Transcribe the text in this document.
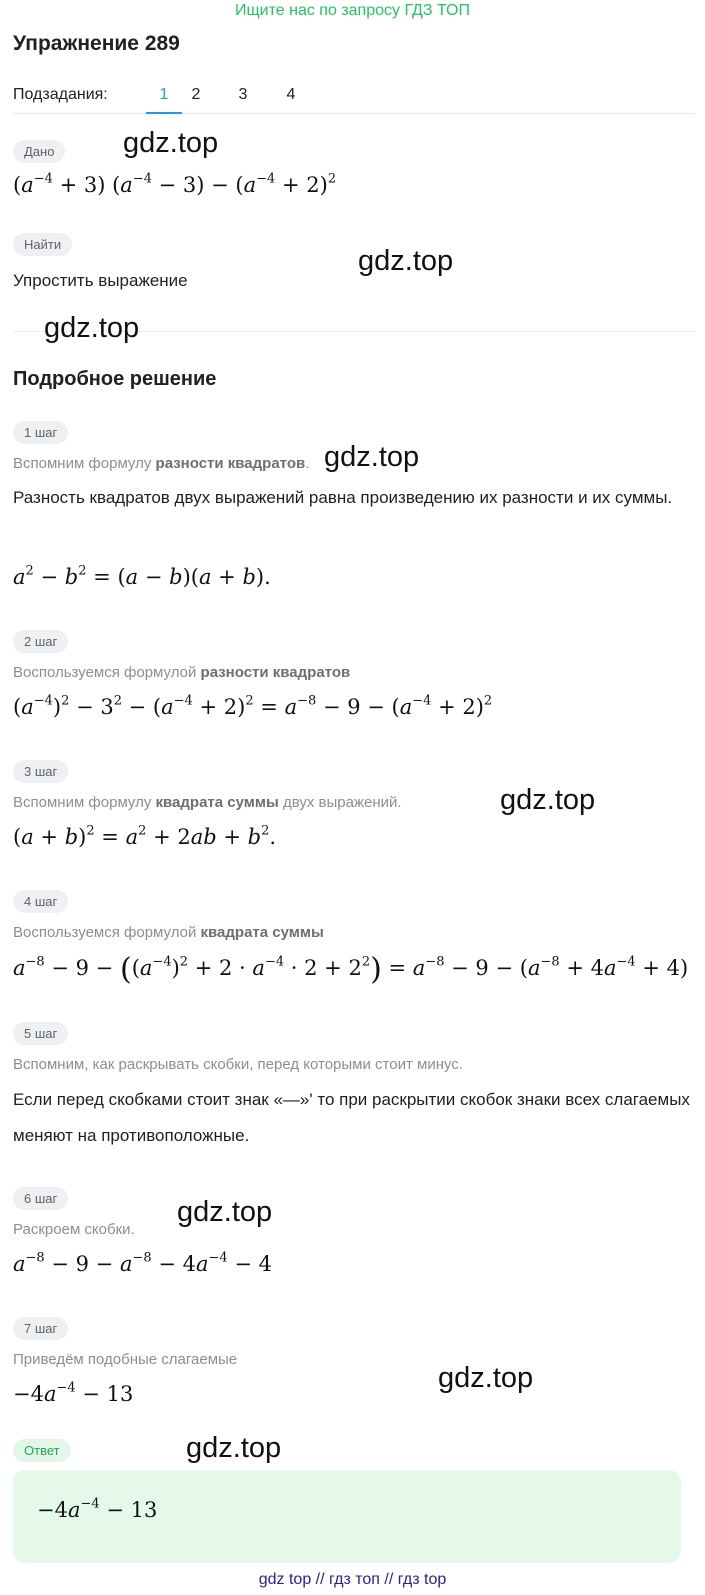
Ищите нас по запросу ГДЗ ТОП
Упражнение 289
Подзадания:	1	2	3	4
Дано
$(a^{-4} + 3) (a^{-4} - 3) - (a^{-4} + 2)^2$
Найти
Упростить выражение
Подробное решение
1 шаг
Вспомним формулу разности квадратов.
Разность квадратов двух выражений равна произведению их разности и их суммы.
$a^2 - b^2 = (a - b)(a + b)$.
2 шаг
Воспользуемся формулой разности квадратов
$(a^{-4})^2 - 3^2 - (a^{-4} + 2)^2 = a^{-8} - 9 - (a^{-4} + 2)^2$
3 шаг
Вспомним формулу квадрата суммы двух выражений.
$(a + b)^2 = a^2 + 2ab + b^2$.
4 шаг
Воспользуемся формулой квадрата суммы
$a^{-8} - 9 - ((a^{-4})^2 + 2 \cdot a^{-4} \cdot 2 + 2^2) = a^{-8} - 9 - (a^{-8} + 4a^{-4} + 4)$
5 шаг
Вспомним, как раскрывать скобки, перед которыми стоит минус.
Если перед скобками стоит знак «—»' то при раскрытии скобок знаки всех слагаемых меняют на противоположные.
6 шаг
Раскроем скобки.
$a^{-8} - 9 - a^{-8} - 4a^{-4} - 4$
7 шаг
Приведём подобные слагаемые
$-4a^{-4} - 13$
Ответ
$-4a^{-4} - 13$
gdz.top
gdz.top
gdz.top
gdz.top
gdz.top
gdz.top
gdz.top
gdz.top
gdz top // гдз топ // гдз top
